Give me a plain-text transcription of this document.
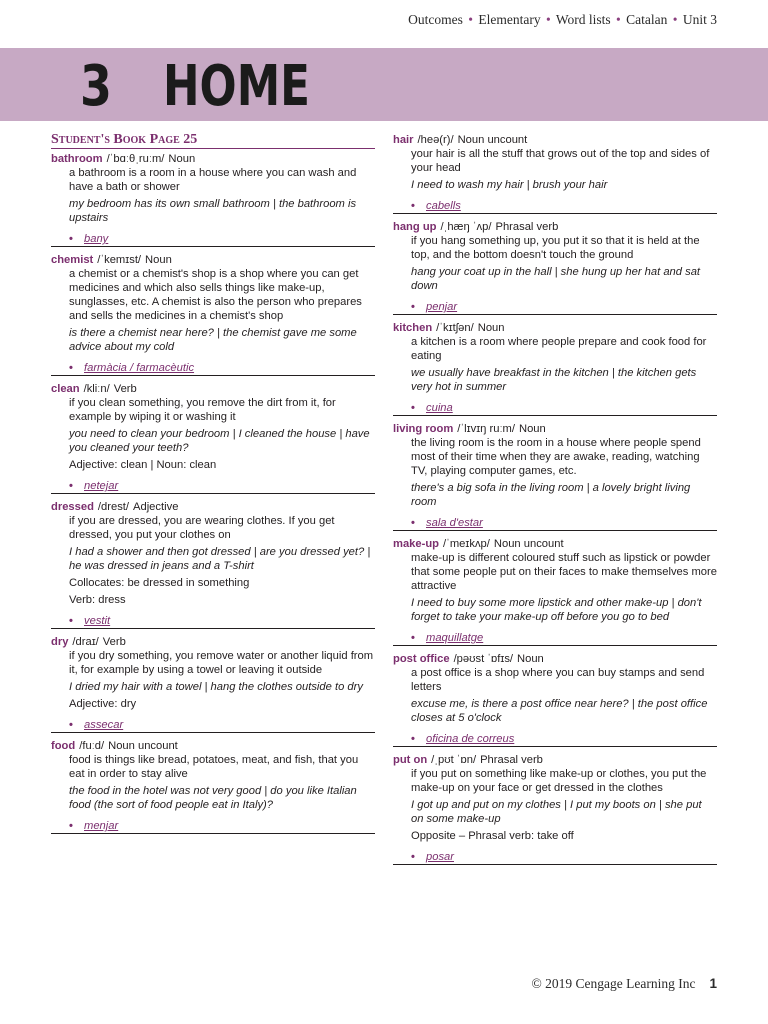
Outcomes • Elementary • Word lists • Catalan • Unit 3
3 HOME
Student's Book Page 25
bathroom /ˈbɑːθˌruːm/ Noun
a bathroom is a room in a house where you can wash and have a bath or shower
my bedroom has its own small bathroom | the bathroom is upstairs
• bany
chemist /ˈkemɪst/ Noun
a chemist or a chemist's shop is a shop where you can get medicines and which also sells things like make-up, sunglasses, etc. A chemist is also the person who prepares and sells the medicines in a chemist's shop
is there a chemist near here? | the chemist gave me some advice about my cold
• farmàcia / farmacèutic
clean /kliːn/ Verb
if you clean something, you remove the dirt from it, for example by wiping it or washing it
you need to clean your bedroom | I cleaned the house | have you cleaned your teeth?
Adjective: clean | Noun: clean
• netejar
dressed /drest/ Adjective
if you are dressed, you are wearing clothes. If you get dressed, you put your clothes on
I had a shower and then got dressed | are you dressed yet? | he was dressed in jeans and a T-shirt
Collocates: be dressed in something
Verb: dress
• vestit
dry /draɪ/ Verb
if you dry something, you remove water or another liquid from it, for example by using a towel or leaving it outside
I dried my hair with a towel | hang the clothes outside to dry
Adjective: dry
• assecar
food /fuːd/ Noun uncount
food is things like bread, potatoes, meat, and fish, that you eat in order to stay alive
the food in the hotel was not very good | do you like Italian food (the sort of food people eat in Italy)?
• menjar
hair /heə(r)/ Noun uncount
your hair is all the stuff that grows out of the top and sides of your head
I need to wash my hair | brush your hair
• cabells
hang up /ˌhæŋ ˈʌp/ Phrasal verb
if you hang something up, you put it so that it is held at the top, and the bottom doesn't touch the ground
hang your coat up in the hall | she hung up her hat and sat down
• penjar
kitchen /ˈkɪtʃən/ Noun
a kitchen is a room where people prepare and cook food for eating
we usually have breakfast in the kitchen | the kitchen gets very hot in summer
• cuina
living room /ˈlɪvɪŋ ruːm/ Noun
the living room is the room in a house where people spend most of their time when they are awake, reading, watching TV, playing computer games, etc.
there's a big sofa in the living room | a lovely bright living room
• sala d'estar
make-up /ˈmeɪkʌp/ Noun uncount
make-up is different coloured stuff such as lipstick or powder that some people put on their faces to make themselves more attractive
I need to buy some more lipstick and other make-up | don't forget to take your make-up off before you go to bed
• maquillatge
post office /pəʊst ˈɒfɪs/ Noun
a post office is a shop where you can buy stamps and send letters
excuse me, is there a post office near here? | the post office closes at 5 o'clock
• oficina de correus
put on /ˌpʊt ˈɒn/ Phrasal verb
if you put on something like make-up or clothes, you put the make-up on your face or get dressed in the clothes
I got up and put on my clothes | I put my boots on | she put on some make-up
Opposite – Phrasal verb: take off
• posar
© 2019 Cengage Learning Inc 1
